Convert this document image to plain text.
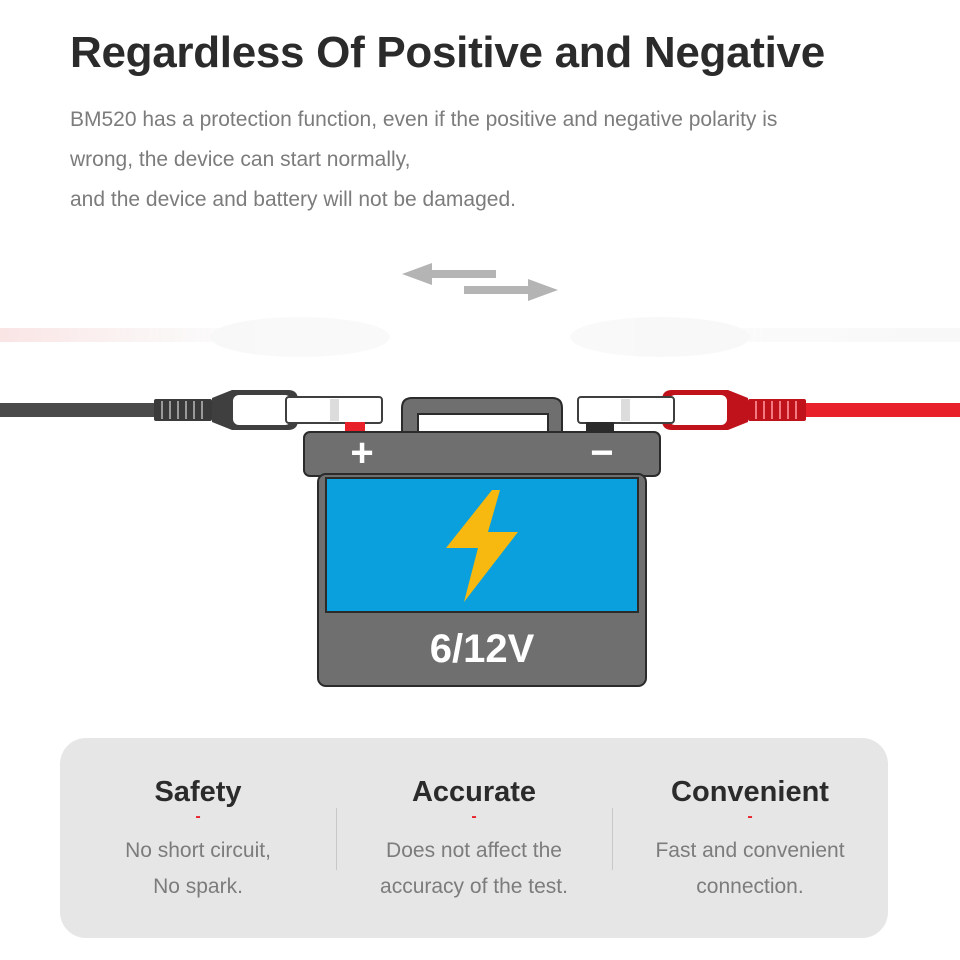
Regardless Of Positive and Negative
BM520 has a protection function, even if the positive and negative polarity is
wrong, the device can start normally,
and the device and battery will not be damaged.
+	−
6/12V
Safety
-
No short circuit,
No spark.
Accurate
-
Does not affect the
accuracy of the test.
Convenient
-
Fast and convenient
connection.
